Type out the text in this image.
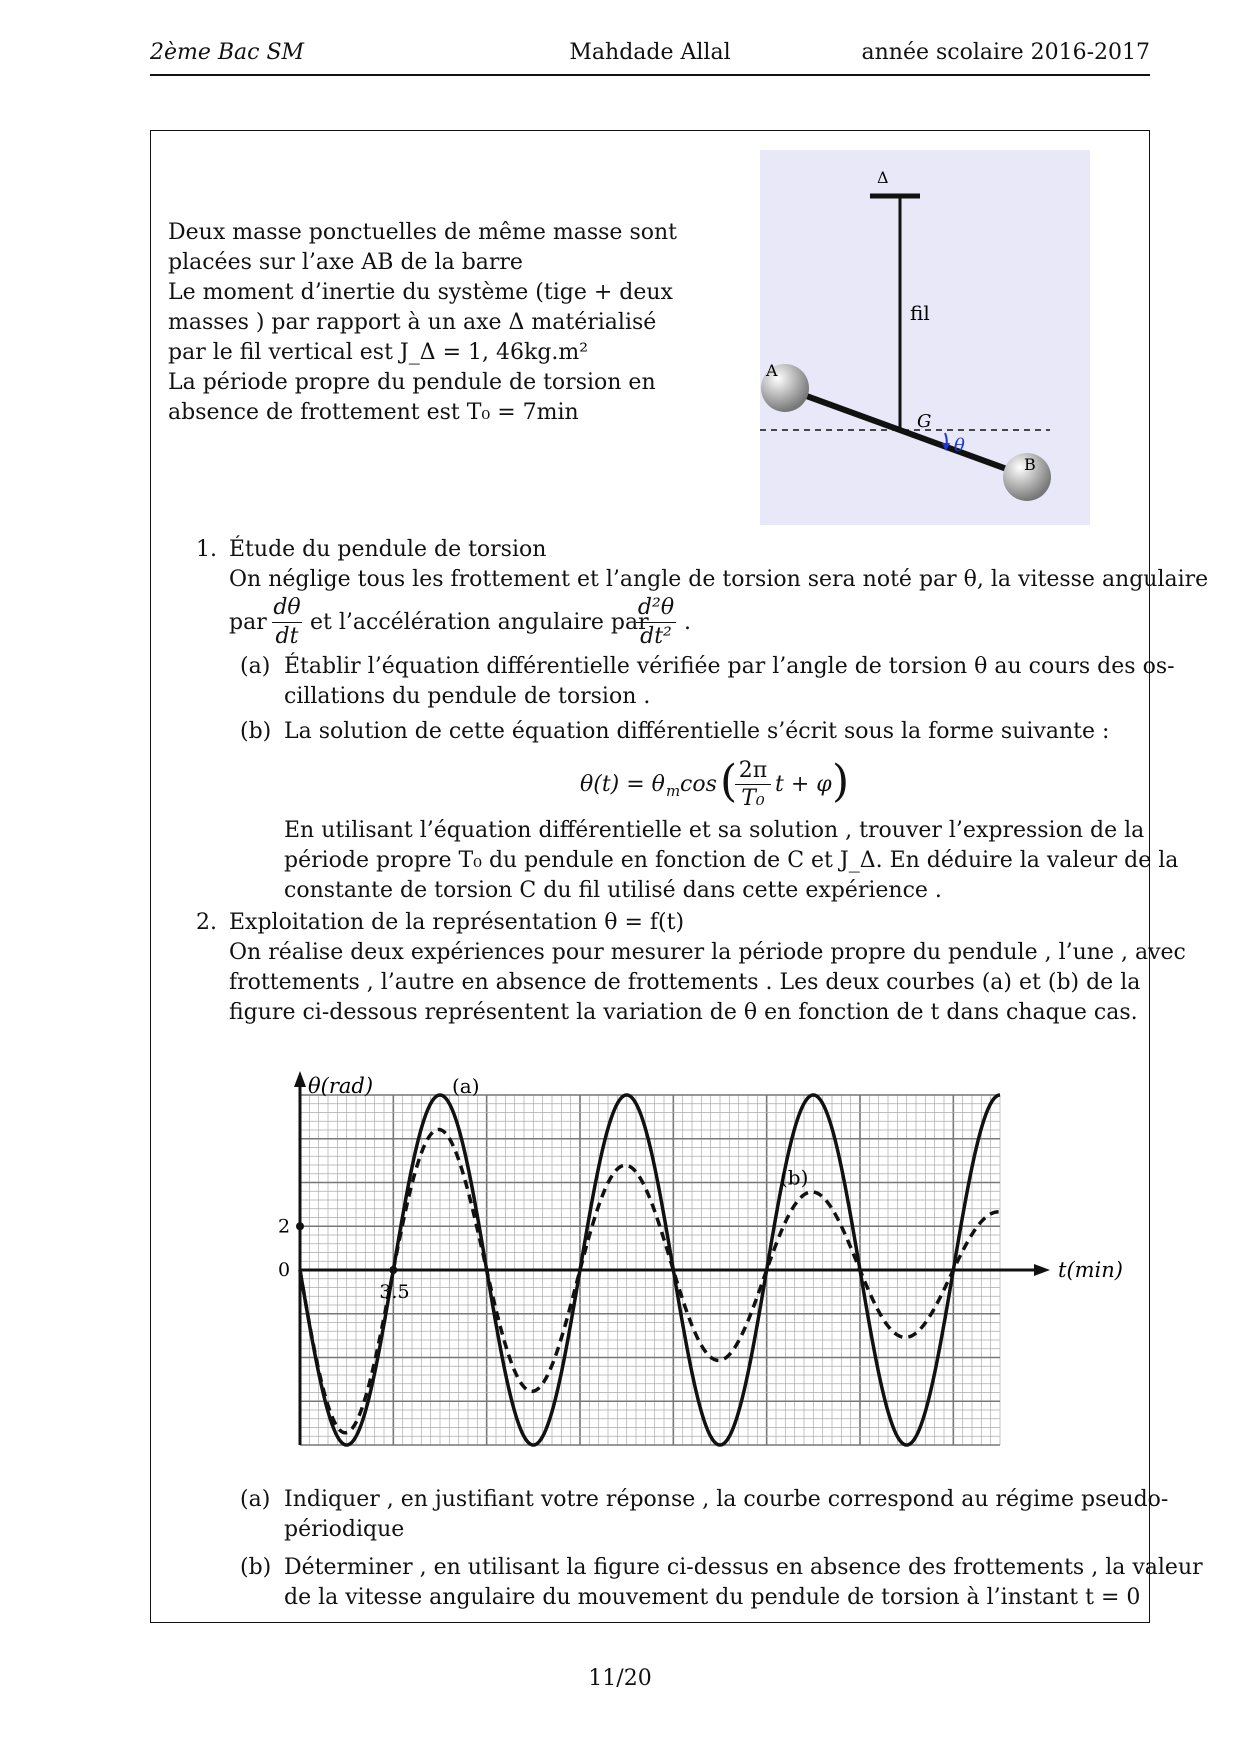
2ème Bac SM	Mahdade Allal	année scolaire 2016-2017
Deux masse ponctuelles de même masse sont
placées sur l’axe AB de la barre
Le moment d’inertie du système (tige + deux
masses ) par rapport à un axe Δ matérialisé
par le fil vertical est J_Δ = 1, 46kg.m²
La période propre du pendule de torsion en
absence de frottement est T₀ = 7min
Δ
fil
A
B
G
θ
1. Étude du pendule de torsion
On néglige tous les frottement et l’angle de torsion sera noté par θ, la vitesse angulaire
par $\frac{d\theta}{dt}$ et l’accélération angulaire par
$\frac{\text{d²θ}}{\text{dt²}}$ .
(a) Établir l’équation différentielle vérifiée par l’angle de torsion θ au cours des os-
cillations du pendule de torsion .
(b) La solution de cette équation différentielle s’écrit sous la forme suivante :
θ(t) = θ m cos (
$\frac{2\pi}{\text{T₀}}$ t + φ )
En utilisant l’équation différentielle et sa solution , trouver l’expression de la
période propre T₀ du pendule en fonction de C et J_Δ. En déduire la valeur de la
constante de torsion C du fil utilisé dans cette expérience .
2. Exploitation de la représentation θ = f(t)
On réalise deux expériences pour mesurer la période propre du pendule , l’une , avec
frottements , l’autre en absence de frottements . Les deux courbes (a) et (b) de la
figure ci-dessous représentent la variation de θ en fonction de t dans chaque cas.
θ(rad)
t(min)
0
2
3.5
(a)
(b)
(a) Indiquer , en justifiant votre réponse , la courbe correspond au régime pseudo-
périodique
(b) Déterminer , en utilisant la figure ci-dessus en absence des frottements , la valeur
de la vitesse angulaire du mouvement du pendule de torsion à l’instant t = 0
11/20
